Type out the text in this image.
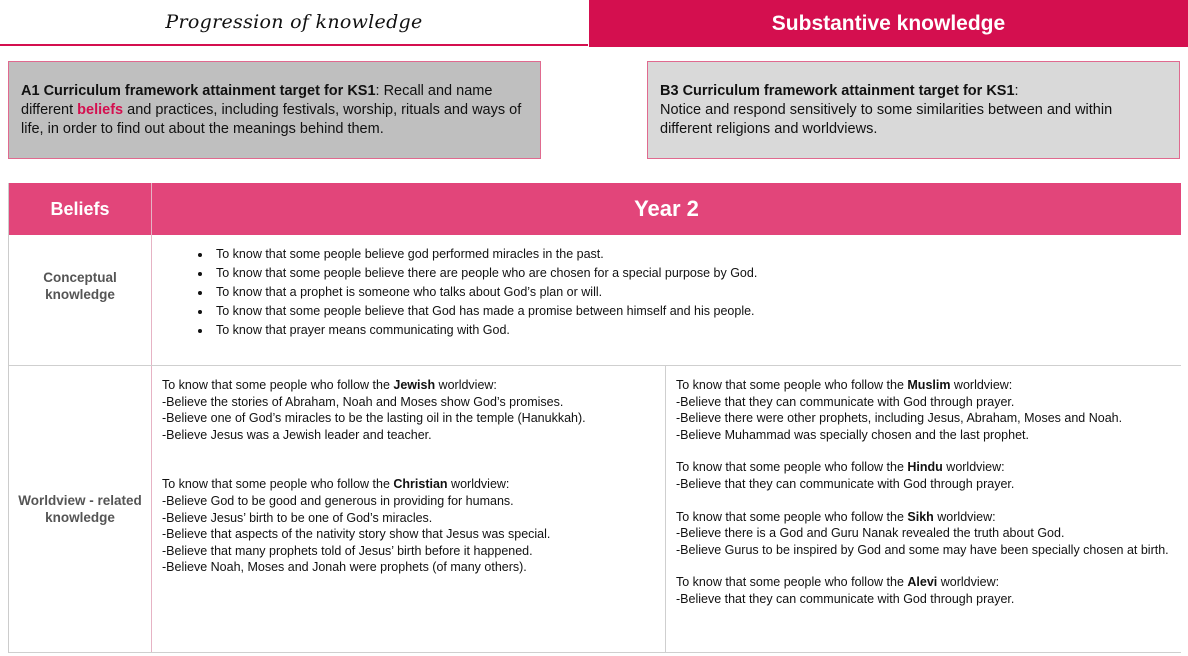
Progression of knowledge	Substantive knowledge
A1 Curriculum framework attainment target for KS1: Recall and name different beliefs and practices, including festivals, worship, rituals and ways of life, in order to find out about the meanings behind them.
B3 Curriculum framework attainment target for KS1:
Notice and respond sensitively to some similarities between and within different religions and worldviews.
Beliefs	Year 2
Conceptual knowledge
Worldview - related knowledge
• To know that some people believe god performed miracles in the past.
• To know that some people believe there are people who are chosen for a special purpose by God.
• To know that a prophet is someone who talks about God’s plan or will.
• To know that some people believe that God has made a promise between himself and his people.
• To know that prayer means communicating with God.
To know that some people who follow the Jewish worldview:
-Believe the stories of Abraham, Noah and Moses show God’s promises.
-Believe one of God’s miracles to be the lasting oil in the temple (Hanukkah).
-Believe Jesus was a Jewish leader and teacher.
To know that some people who follow the Christian worldview:
-Believe God to be good and generous in providing for humans.
-Believe Jesus’ birth to be one of God’s miracles.
-Believe that aspects of the nativity story show that Jesus was special.
-Believe that many prophets told of Jesus’ birth before it happened.
-Believe Noah, Moses and Jonah were prophets (of many others).
To know that some people who follow the Muslim worldview:
-Believe that they can communicate with God through prayer.
-Believe there were other prophets, including Jesus, Abraham, Moses and Noah.
-Believe Muhammad was specially chosen and the last prophet.
To know that some people who follow the Hindu worldview:
-Believe that they can communicate with God through prayer.
To know that some people who follow the Sikh worldview:
-Believe there is a God and Guru Nanak revealed the truth about God.
-Believe Gurus to be inspired by God and some may have been specially chosen at birth.
To know that some people who follow the Alevi worldview:
-Believe that they can communicate with God through prayer.
